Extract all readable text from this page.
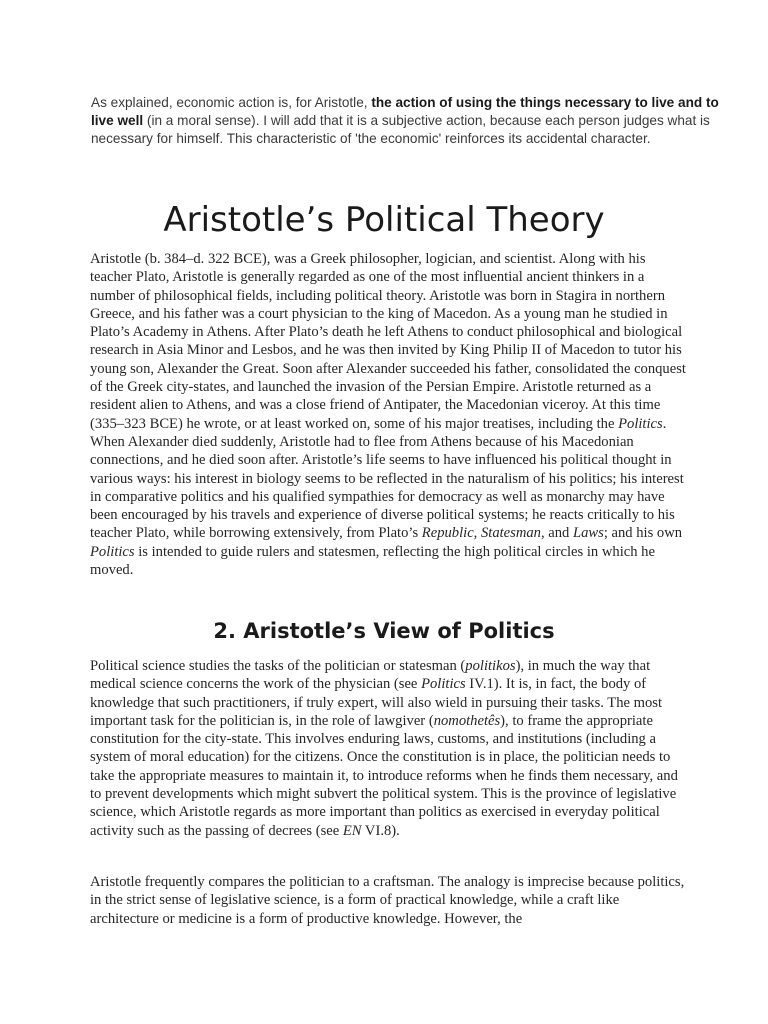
As explained, economic action is, for Aristotle, the action of using the things necessary to live and to live well (in a moral sense). I will add that it is a subjective action, because each person judges what is necessary for himself. This characteristic of 'the economic' reinforces its accidental character.

Aristotle’s Political Theory

Aristotle (b. 384–d. 322 BCE), was a Greek philosopher, logician, and scientist. Along with his teacher Plato, Aristotle is generally regarded as one of the most influential ancient thinkers in a number of philosophical fields, including political theory. Aristotle was born in Stagira in northern Greece, and his father was a court physician to the king of Macedon. As a young man he studied in Plato’s Academy in Athens. After Plato’s death he left Athens to conduct philosophical and biological research in Asia Minor and Lesbos, and he was then invited by King Philip II of Macedon to tutor his young son, Alexander the Great. Soon after Alexander succeeded his father, consolidated the conquest of the Greek city-states, and launched the invasion of the Persian Empire. Aristotle returned as a resident alien to Athens, and was a close friend of Antipater, the Macedonian viceroy. At this time (335–323 BCE) he wrote, or at least worked on, some of his major treatises, including the Politics. When Alexander died suddenly, Aristotle had to flee from Athens because of his Macedonian connections, and he died soon after. Aristotle’s life seems to have influenced his political thought in various ways: his interest in biology seems to be reflected in the naturalism of his politics; his interest in comparative politics and his qualified sympathies for democracy as well as monarchy may have been encouraged by his travels and experience of diverse political systems; he reacts critically to his teacher Plato, while borrowing extensively, from Plato’s Republic, Statesman, and Laws; and his own Politics is intended to guide rulers and statesmen, reflecting the high political circles in which he moved.

2. Aristotle’s View of Politics

Political science studies the tasks of the politician or statesman (politikos), in much the way that medical science concerns the work of the physician (see Politics IV.1). It is, in fact, the body of knowledge that such practitioners, if truly expert, will also wield in pursuing their tasks. The most important task for the politician is, in the role of lawgiver (nomothetês), to frame the appropriate constitution for the city-state. This involves enduring laws, customs, and institutions (including a system of moral education) for the citizens. Once the constitution is in place, the politician needs to take the appropriate measures to maintain it, to introduce reforms when he finds them necessary, and to prevent developments which might subvert the political system. This is the province of legislative science, which Aristotle regards as more important than politics as exercised in everyday political activity such as the passing of decrees (see EN VI.8).

Aristotle frequently compares the politician to a craftsman. The analogy is imprecise because politics, in the strict sense of legislative science, is a form of practical knowledge, while a craft like architecture or medicine is a form of productive knowledge. However, the
